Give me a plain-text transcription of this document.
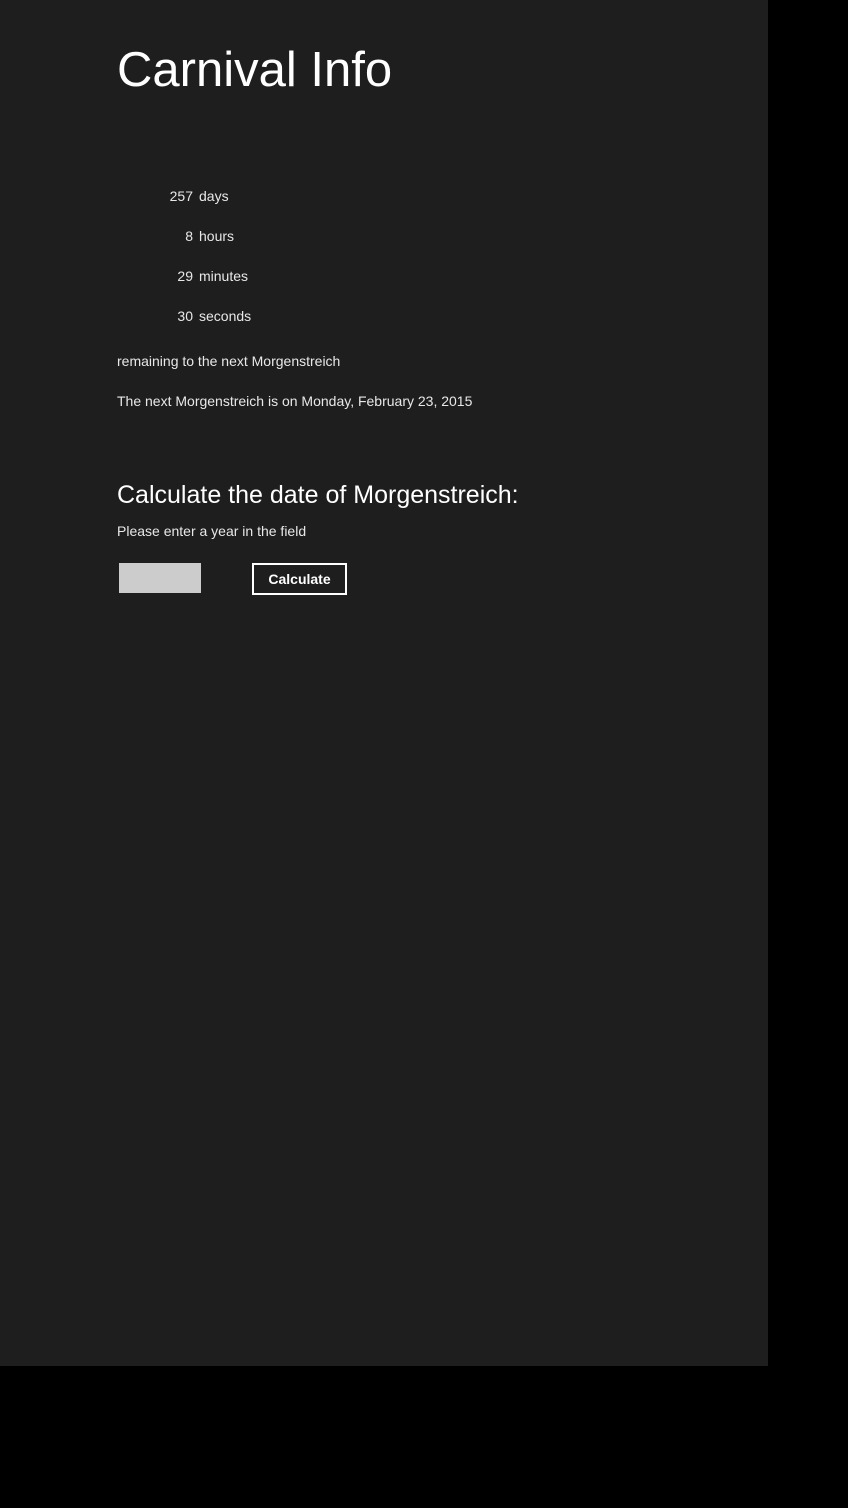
Carnival Info
257 days
8 hours
29 minutes
30 seconds
remaining to the next Morgenstreich
The next Morgenstreich is on Monday, February 23, 2015
Calculate the date of Morgenstreich:
Please enter a year in the field
Calculate
